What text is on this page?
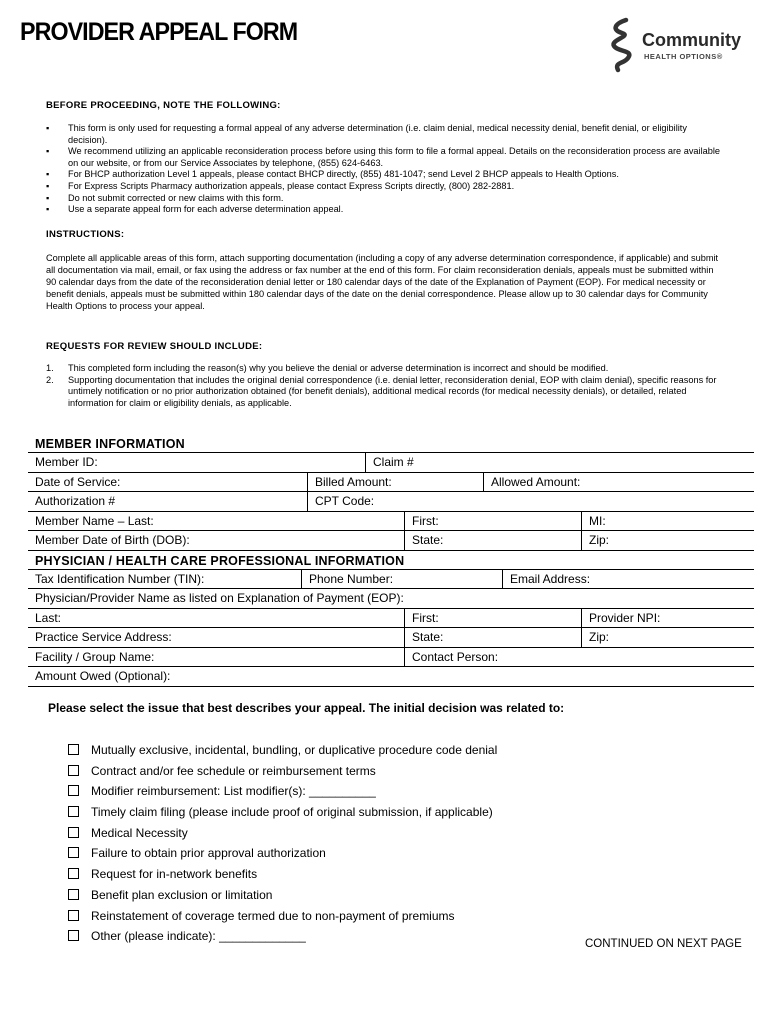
PROVIDER APPEAL FORM	Community
HEALTH OPTIONS®
BEFORE PROCEEDING, NOTE THE FOLLOWING:
▪ This form is only used for requesting a formal appeal of any adverse determination (i.e. claim denial, medical necessity denial, benefit denial, or eligibility decision).
▪ We recommend utilizing an applicable reconsideration process before using this form to file a formal appeal. Details on the reconsideration process are available on our website, or from our Service Associates by telephone, (855) 624-6463.
▪ For BHCP authorization Level 1 appeals, please contact BHCP directly, (855) 481-1047; send Level 2 BHCP appeals to Health Options.
▪ For Express Scripts Pharmacy authorization appeals, please contact Express Scripts directly, (800) 282-2881.
▪ Do not submit corrected or new claims with this form.
▪ Use a separate appeal form for each adverse determination appeal.
INSTRUCTIONS:
Complete all applicable areas of this form, attach supporting documentation (including a copy of any adverse determination correspondence, if applicable) and submit all documentation via mail, email, or fax using the address or fax number at the end of this form. For claim reconsideration denials, appeals must be submitted within 90 calendar days from the date of the reconsideration denial letter or 180 calendar days of the date of the Explanation of Payment (EOP). For medical necessity or benefit denials, appeals must be submitted within 180 calendar days of the date on the denial correspondence. Please allow up to 30 calendar days for Community Health Options to process your appeal.
REQUESTS FOR REVIEW SHOULD INCLUDE:
1. This completed form including the reason(s) why you believe the denial or adverse determination is incorrect and should be modified.
2. Supporting documentation that includes the original denial correspondence (i.e. denial letter, reconsideration denial, EOP with claim denial), specific reasons for untimely notification or no prior authorization obtained (for benefit denials), additional medical records (for medical necessity denials), or detailed, related information for claim or eligibility denials, as applicable.
MEMBER INFORMATION
Member ID:	Claim #
Date of Service:	Billed Amount:	Allowed Amount:
Authorization #	CPT Code:
Member Name – Last:	First:	MI:
Member Date of Birth (DOB):	State:	Zip:
PHYSICIAN / HEALTH CARE PROFESSIONAL INFORMATION
Tax Identification Number (TIN):	Phone Number:	Email Address:
Physician/Provider Name as listed on Explanation of Payment (EOP):
Last:	First:	Provider NPI:
Practice Service Address:	State:	Zip:
Facility / Group Name:	Contact Person:
Amount Owed (Optional):
Please select the issue that best describes your appeal. The initial decision was related to:
Mutually exclusive, incidental, bundling, or duplicative procedure code denial
Contract and/or fee schedule or reimbursement terms
Modifier reimbursement: List modifier(s): __________
Timely claim filing (please include proof of original submission, if applicable)
Medical Necessity
Failure to obtain prior approval authorization
Request for in-network benefits
Benefit plan exclusion or limitation
Reinstatement of coverage termed due to non-payment of premiums
Other (please indicate): _____________
CONTINUED ON NEXT PAGE
